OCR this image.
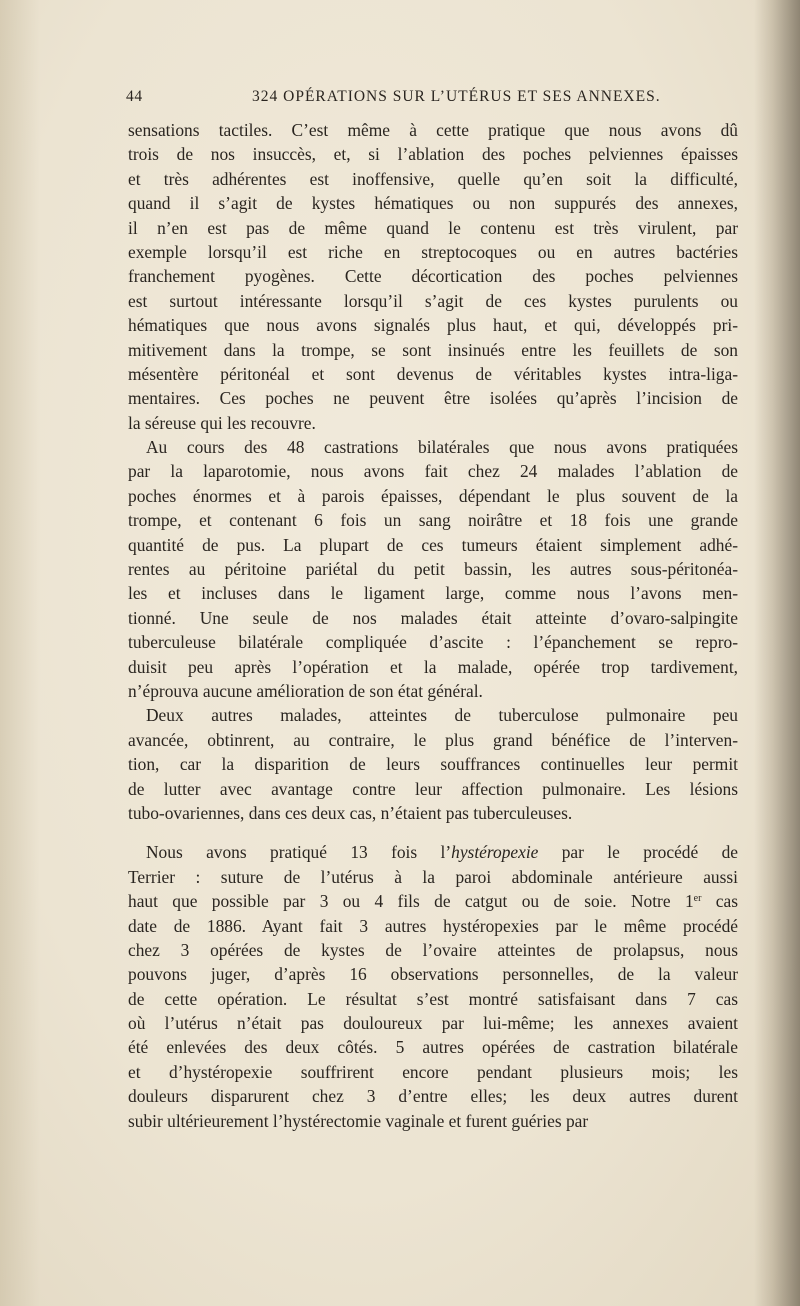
44	324 OPÉRATIONS SUR L’UTÉRUS ET SES ANNEXES.
sensations tactiles. C’est même à cette pratique que nous avons dû
trois de nos insuccès, et, si l’ablation des poches pelviennes épaisses
et très adhérentes est inoffensive, quelle qu’en soit la difficulté,
quand il s’agit de kystes hématiques ou non suppurés des annexes,
il n’en est pas de même quand le contenu est très virulent, par
exemple lorsqu’il est riche en streptocoques ou en autres bactéries
franchement pyogènes. Cette décortication des poches pelviennes
est surtout intéressante lorsqu’il s’agit de ces kystes purulents ou
hématiques que nous avons signalés plus haut, et qui, développés pri-
mitivement dans la trompe, se sont insinués entre les feuillets de son
mésentère péritonéal et sont devenus de véritables kystes intra-liga-
mentaires. Ces poches ne peuvent être isolées qu’après l’incision de
la séreuse qui les recouvre.
Au cours des 48 castrations bilatérales que nous avons pratiquées
par la laparotomie, nous avons fait chez 24 malades l’ablation de
poches énormes et à parois épaisses, dépendant le plus souvent de la
trompe, et contenant 6 fois un sang noirâtre et 18 fois une grande
quantité de pus. La plupart de ces tumeurs étaient simplement adhé-
rentes au péritoine pariétal du petit bassin, les autres sous-péritonéa-
les et incluses dans le ligament large, comme nous l’avons men-
tionné. Une seule de nos malades était atteinte d’ovaro-salpingite
tuberculeuse bilatérale compliquée d’ascite : l’épanchement se repro-
duisit peu après l’opération et la malade, opérée trop tardivement,
n’éprouva aucune amélioration de son état général.
Deux autres malades, atteintes de tuberculose pulmonaire peu
avancée, obtinrent, au contraire, le plus grand bénéfice de l’interven-
tion, car la disparition de leurs souffrances continuelles leur permit
de lutter avec avantage contre leur affection pulmonaire. Les lésions
tubo-ovariennes, dans ces deux cas, n’étaient pas tuberculeuses.
Nous avons pratiqué 13 fois l’hystéropexie par le procédé de
Terrier : suture de l’utérus à la paroi abdominale antérieure aussi
haut que possible par 3 ou 4 fils de catgut ou de soie. Notre 1er cas
date de 1886. Ayant fait 3 autres hystéropexies par le même procédé
chez 3 opérées de kystes de l’ovaire atteintes de prolapsus, nous
pouvons juger, d’après 16 observations personnelles, de la valeur
de cette opération. Le résultat s’est montré satisfaisant dans 7 cas
où l’utérus n’était pas douloureux par lui-même; les annexes avaient
été enlevées des deux côtés. 5 autres opérées de castration bilatérale
et d’hystéropexie souffrirent encore pendant plusieurs mois; les
douleurs disparurent chez 3 d’entre elles; les deux autres durent
subir ultérieurement l’hystérectomie vaginale et furent guéries par
